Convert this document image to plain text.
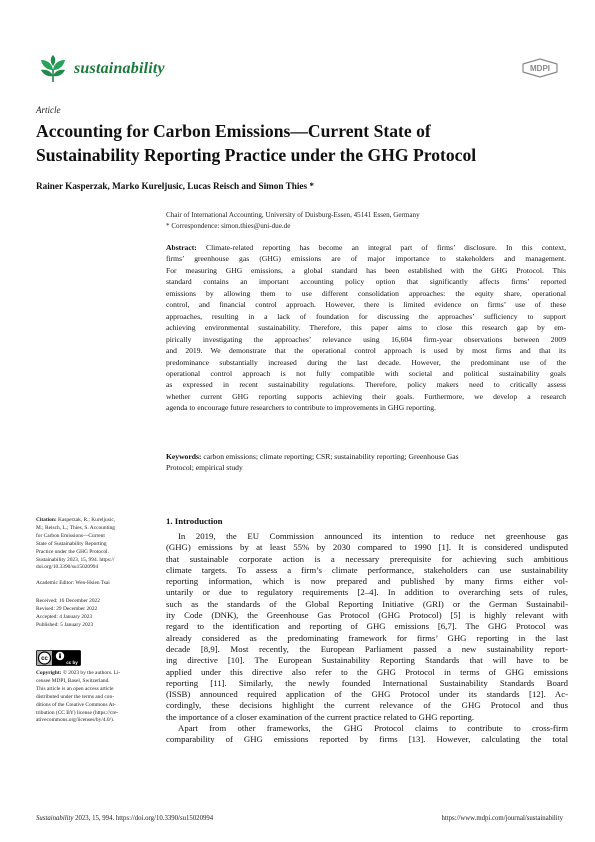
sustainability	MDPI
Article
Accounting for Carbon Emissions—Current State of
Sustainability Reporting Practice under the GHG Protocol
Rainer Kasperzak, Marko Kureljusic, Lucas Reisch and Simon Thies *
Chair of International Accounting, University of Duisburg-Essen, 45141 Essen, Germany
* Correspondence: simon.thies@uni-due.de
Abstract: Climate-related reporting has become an integral part of firms’ disclosure. In this context,
firms’ greenhouse gas (GHG) emissions are of major importance to stakeholders and management.
For measuring GHG emissions, a global standard has been established with the GHG Protocol. This
standard contains an important accounting policy option that significantly affects firms’ reported
emissions by allowing them to use different consolidation approaches: the equity share, operational
control, and financial control approach. However, there is limited evidence on firms’ use of these
approaches, resulting in a lack of foundation for discussing the approaches’ sufficiency to support
achieving environmental sustainability. Therefore, this paper aims to close this research gap by em-
pirically investigating the approaches’ relevance using 16,604 firm-year observations between 2009
and 2019. We demonstrate that the operational control approach is used by most firms and that its
predominance substantially increased during the last decade. However, the predominant use of the
operational control approach is not fully compatible with societal and political sustainability goals
as expressed in recent sustainability regulations. Therefore, policy makers need to critically assess
whether current GHG reporting supports achieving their goals. Furthermore, we develop a research
agenda to encourage future researchers to contribute to improvements in GHG reporting.
Keywords: carbon emissions; climate reporting; CSR; sustainability reporting; Greenhouse Gas
Protocol; empirical study
Citation: Kasperzak, R.; Kureljusic,
M.; Reisch, L.; Thies, S. Accounting
for Carbon Emissions—Current
State of Sustainability Reporting
Practice under the GHG Protocol.
Sustainability 2023, 15, 994. https://
doi.org/10.3390/su15020994
Academic Editor: Wen-Hsien Tsai
Received: 16 December 2022
Revised: 29 December 2022
Accepted: 4 January 2023
Published: 5 January 2023
cc
cc by
Copyright: © 2023 by the authors. Li-
censee MDPI, Basel, Switzerland.
This article is an open access article
distributed under the terms and con-
ditions of the Creative Commons At-
tribution (CC BY) license (https://cre-
ativecommons.org/licenses/by/4.0/).
1. Introduction
In 2019, the EU Commission announced its intention to reduce net greenhouse gas
(GHG) emissions by at least 55% by 2030 compared to 1990 [1]. It is considered undisputed
that sustainable corporate action is a necessary prerequisite for achieving such ambitious
climate targets. To assess a firm’s climate performance, stakeholders can use sustainability
reporting information, which is now prepared and published by many firms either vol-
untarily or due to regulatory requirements [2–4]. In addition to overarching sets of rules,
such as the standards of the Global Reporting Initiative (GRI) or the German Sustainabil-
ity Code (DNK), the Greenhouse Gas Protocol (GHG Protocol) [5] is highly relevant with
regard to the identification and reporting of GHG emissions [6,7]. The GHG Protocol was
already considered as the predominating framework for firms’ GHG reporting in the last
decade [8,9]. Most recently, the European Parliament passed a new sustainability report-
ing directive [10]. The European Sustainability Reporting Standards that will have to be
applied under this directive also refer to the GHG Protocol in terms of GHG emissions
reporting [11]. Similarly, the newly founded International Sustainability Standards Board
(ISSB) announced required application of the GHG Protocol under its standards [12]. Ac-
cordingly, these decisions highlight the current relevance of the GHG Protocol and thus
the importance of a closer examination of the current practice related to GHG reporting.
Apart from other frameworks, the GHG Protocol claims to contribute to cross-firm
comparability of GHG emissions reported by firms [13]. However, calculating the total
Sustainability 2023, 15, 994. https://doi.org/10.3390/su15020994	https://www.mdpi.com/journal/sustainability
